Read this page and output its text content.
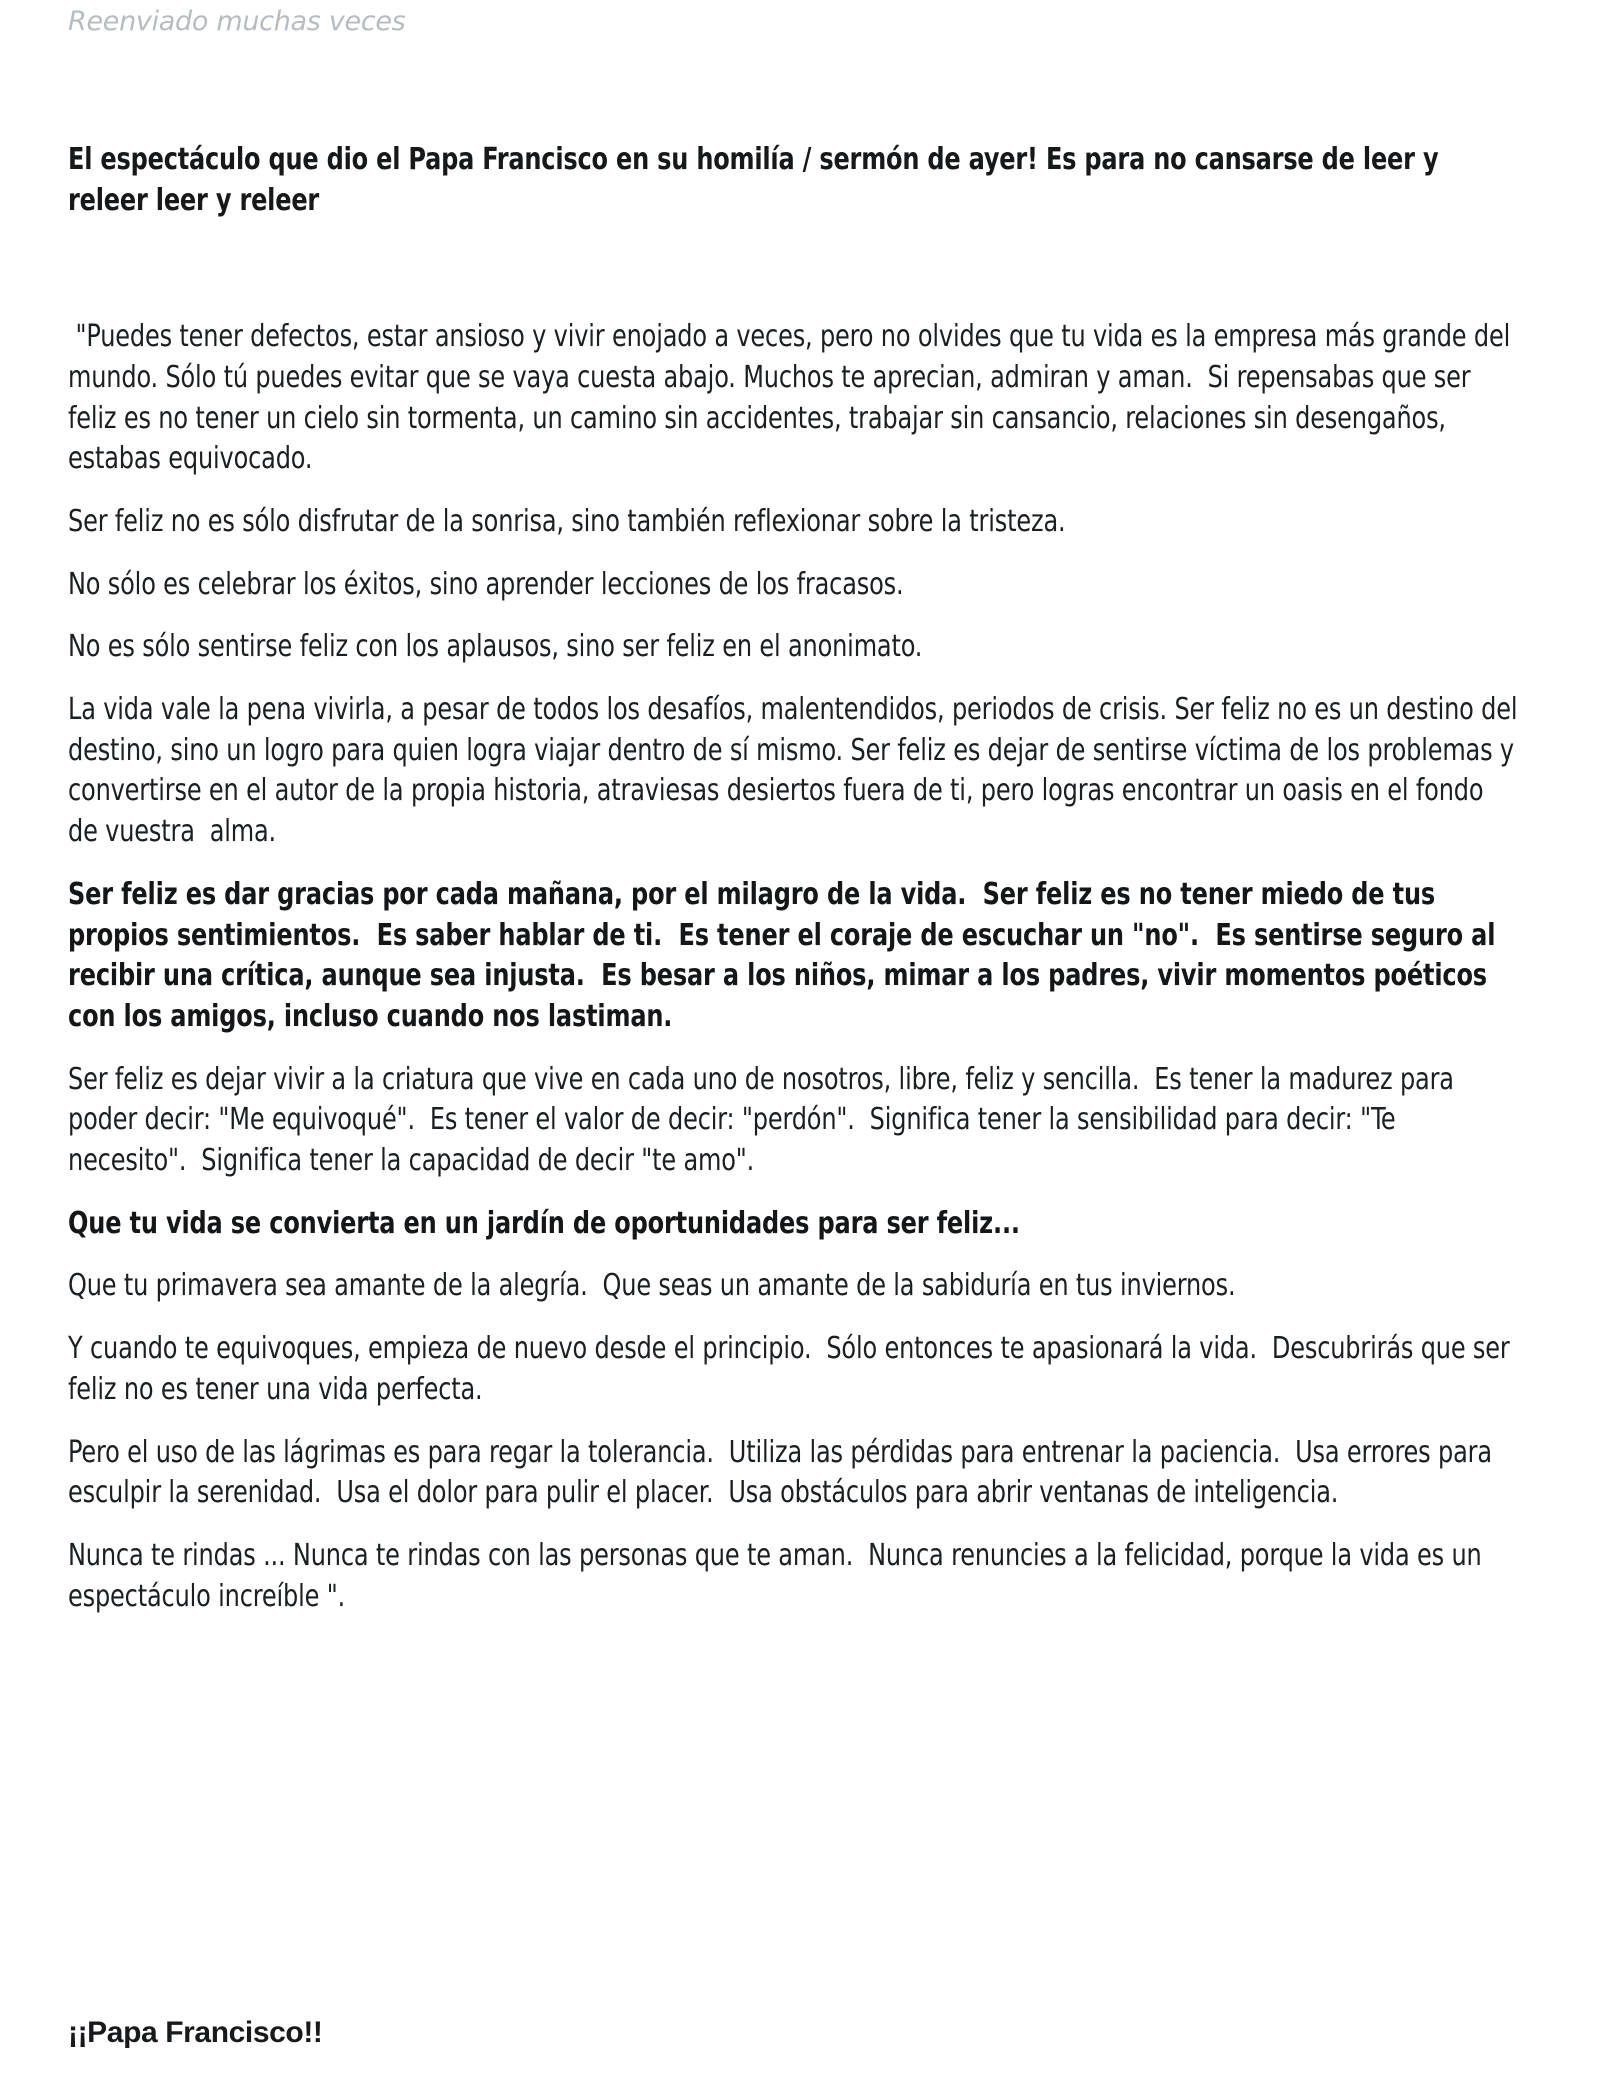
Reenviado muchas veces

El espectáculo que dio el Papa Francisco en su homilía / sermón de ayer! Es para no cansarse de leer y releer leer y releer

"Puedes tener defectos, estar ansioso y vivir enojado a veces, pero no olvides que tu vida es la empresa más grande del mundo. Sólo tú puedes evitar que se vaya cuesta abajo. Muchos te aprecian, admiran y aman.  Si repensabas que ser feliz es no tener un cielo sin tormenta, un camino sin accidentes, trabajar sin cansancio, relaciones sin desengaños, estabas equivocado.

Ser feliz no es sólo disfrutar de la sonrisa, sino también reflexionar sobre la tristeza.

No sólo es celebrar los éxitos, sino aprender lecciones de los fracasos.

No es sólo sentirse feliz con los aplausos, sino ser feliz en el anonimato.

La vida vale la pena vivirla, a pesar de todos los desafíos, malentendidos, periodos de crisis. Ser feliz no es un destino del destino, sino un logro para quien logra viajar dentro de sí mismo. Ser feliz es dejar de sentirse víctima de los problemas y convertirse en el autor de la propia historia, atraviesas desiertos fuera de ti, pero logras encontrar un oasis en el fondo de vuestra  alma.

Ser feliz es dar gracias por cada mañana, por el milagro de la vida.  Ser feliz es no tener miedo de tus propios sentimientos.  Es saber hablar de ti.  Es tener el coraje de escuchar un "no".  Es sentirse seguro al recibir una crítica, aunque sea injusta.  Es besar a los niños, mimar a los padres, vivir momentos poéticos con los amigos, incluso cuando nos lastiman.

Ser feliz es dejar vivir a la criatura que vive en cada uno de nosotros, libre, feliz y sencilla.  Es tener la madurez para poder decir: "Me equivoqué".  Es tener el valor de decir: "perdón".  Significa tener la sensibilidad para decir: "Te necesito".  Significa tener la capacidad de decir "te amo".

Que tu vida se convierta en un jardín de oportunidades para ser feliz...

Que tu primavera sea amante de la alegría.  Que seas un amante de la sabiduría en tus inviernos.

Y cuando te equivoques, empieza de nuevo desde el principio.  Sólo entonces te apasionará la vida.  Descubrirás que ser feliz no es tener una vida perfecta.

Pero el uso de las lágrimas es para regar la tolerancia.  Utiliza las pérdidas para entrenar la paciencia.  Usa errores para esculpir la serenidad.  Usa el dolor para pulir el placer.  Usa obstáculos para abrir ventanas de inteligencia.

Nunca te rindas ... Nunca te rindas con las personas que te aman.  Nunca renuncies a la felicidad, porque la vida es un espectáculo increíble ".

¡¡Papa Francisco!!
